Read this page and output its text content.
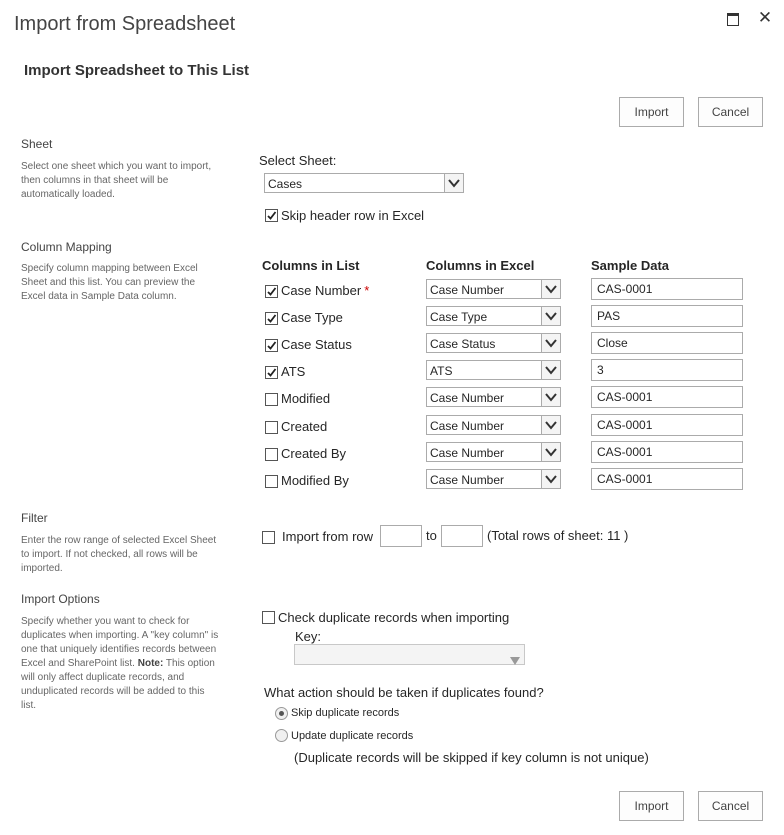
Import from Spreadsheet	✕
Import Spreadsheet to This List
Import	Cancel
Sheet
Select one sheet which you want to import, then columns in that sheet will be automatically loaded.
Select Sheet:
Cases
Skip header row in Excel
Column Mapping
Specify column mapping between Excel Sheet and this list. You can preview the Excel data in Sample Data column.
Columns in List	Columns in Excel	Sample Data
Case Number *	Case Number	CAS-0001
Case Type	Case Type	PAS
Case Status	Case Status	Close
ATS	ATS	3
Modified	Case Number	CAS-0001
Created	Case Number	CAS-0001
Created By	Case Number	CAS-0001
Modified By	Case Number	CAS-0001
Filter
Enter the row range of selected Excel Sheet to import. If not checked, all rows will be imported.
Import from row	to	(Total rows of sheet: 11 )
Import Options
Specify whether you want to check for duplicates when importing. A "key column" is one that uniquely identifies records between Excel and SharePoint list. Note: This option will only affect duplicate records, and unduplicated records will be added to this list.
Check duplicate records when importing
Key:
What action should be taken if duplicates found?
Skip duplicate records
Update duplicate records
(Duplicate records will be skipped if key column is not unique)
Import	Cancel
